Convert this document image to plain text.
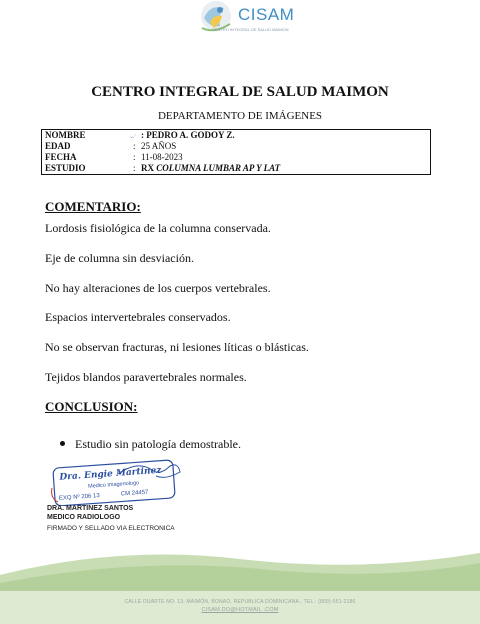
CISAM
CENTRO INTEGRAL DE SALUD MAIMON
CENTRO INTEGRAL DE SALUD MAIMON
DEPARTAMENTO DE IMÁGENES
NOMBRE	⌄⁄ : PEDRO A. GODOY Z.
EDAD	: 25 AÑOS
FECHA	: 11-08-2023
ESTUDIO	: RX COLUMNA LUMBAR AP Y LAT
COMENTARIO:
Lordosis fisiológica de la columna conservada.
Eje de columna sin desviación.
No hay alteraciones de los cuerpos vertebrales.
Espacios intervertebrales conservados.
No se observan fracturas, ni lesiones líticas o blásticas.
Tejidos blandos paravertebrales normales.
CONCLUSION:
Estudio sin patología demostrable.
Dra. Engie Martinez
Medico Imagenologo
EXQ Nº 206 13	CM 24457
DRA. MARTINEZ SANTOS
MEDICO RADIOLOGO
FIRMADO Y SELLADO VIA ELECTRONICA
CALLE DUARTE NO. 13, MAIMÓN, BONAO, REPUBLICA DOMINICANA., TEL.: (809)-551-2186
CISAM.DO@HOTMAIL .COM
